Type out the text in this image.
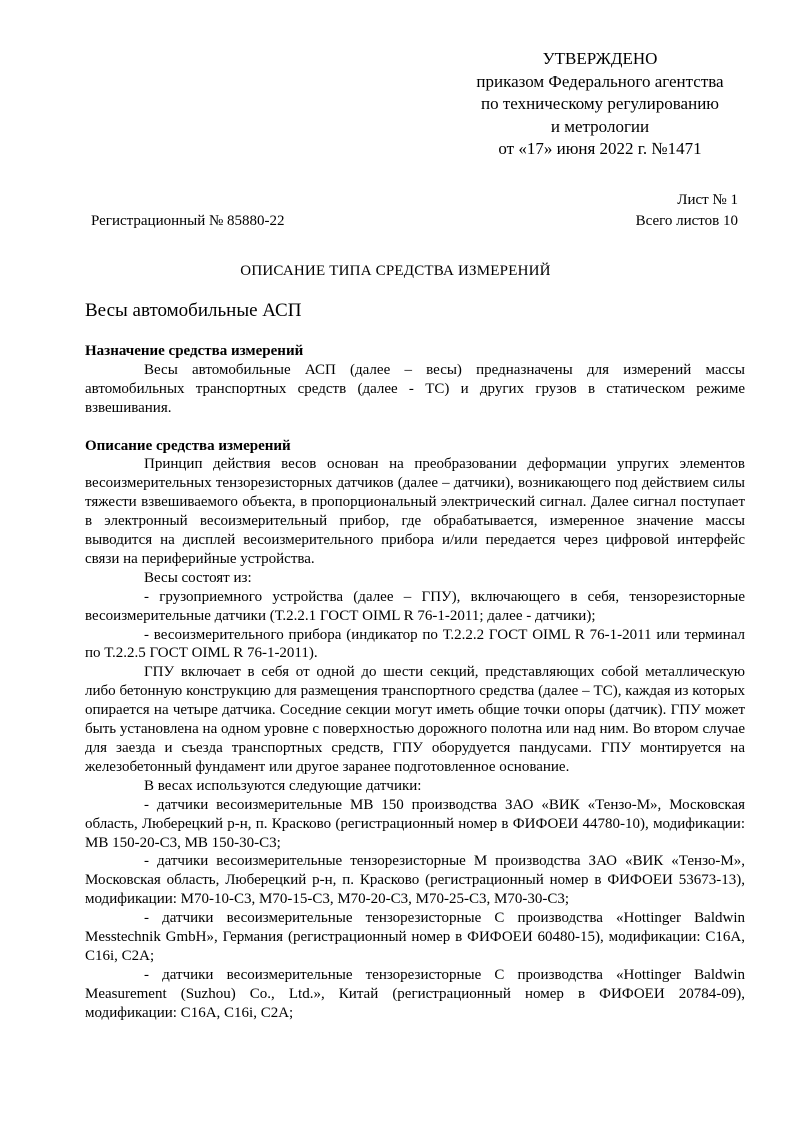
УТВЕРЖДЕНО
приказом Федерального агентства
по техническому регулированию
и метрологии
от «17» июня 2022 г. №1471
Лист № 1
Всего листов 10
Регистрационный № 85880-22
ОПИСАНИЕ ТИПА СРЕДСТВА ИЗМЕРЕНИЙ
Весы автомобильные АСП
Назначение средства измерений

Весы автомобильные АСП (далее – весы) предназначены для измерений массы автомобильных транспортных средств (далее - ТС) и других грузов в статическом режиме взвешивания.

Описание средства измерений

Принцип действия весов основан на преобразовании деформации упругих элементов весоизмерительных тензорезисторных датчиков (далее – датчики), возникающего под действием силы тяжести взвешиваемого объекта, в пропорциональный электрический сигнал. Далее сигнал поступает в электронный весоизмерительный прибор, где обрабатывается, измеренное значение массы выводится на дисплей весоизмерительного прибора и/или передается через цифровой интерфейс связи на периферийные устройства.

Весы состоят из:

- грузоприемного устройства (далее – ГПУ), включающего в себя, тензорезисторные весоизмерительные датчики (Т.2.2.1 ГОСТ OIML R 76-1-2011; далее - датчики);

- весоизмерительного прибора (индикатор по Т.2.2.2 ГОСТ OIML R 76-1-2011 или терминал по Т.2.2.5 ГОСТ OIML R 76-1-2011).

ГПУ включает в себя от одной до шести секций, представляющих собой металлическую либо бетонную конструкцию для размещения транспортного средства (далее – ТС), каждая из которых опирается на четыре датчика. Соседние секции могут иметь общие точки опоры (датчик). ГПУ может быть установлена на одном уровне с поверхностью дорожного полотна или над ним. Во втором случае для заезда и съезда транспортных средств, ГПУ оборудуется пандусами. ГПУ монтируется на железобетонный фундамент или другое заранее подготовленное основание.

В весах используются следующие датчики:

- датчики весоизмерительные МВ 150 производства ЗАО «ВИК «Тензо-М», Московская область, Люберецкий р-н, п. Красково (регистрационный номер в ФИФОЕИ 44780-10), модификации: МВ 150-20-С3, МВ 150-30-С3;

- датчики весоизмерительные тензорезисторные М производства ЗАО «ВИК «Тензо-М», Московская область, Люберецкий р-н, п. Красково (регистрационный номер в ФИФОЕИ 53673-13), модификации: М70-10-С3, М70-15-С3, М70-20-С3, М70-25-С3, М70-30-С3;

- датчики весоизмерительные тензорезисторные С производства «Hottinger Baldwin Messtechnik GmbH», Германия (регистрационный номер в ФИФОЕИ 60480-15), модификации: С16А, С16i, С2А;

- датчики весоизмерительные тензорезисторные С производства «Hottinger Baldwin Measurement (Suzhou) Co., Ltd.», Китай (регистрационный номер в ФИФОЕИ 20784-09), модификации: С16А, С16i, С2А;
